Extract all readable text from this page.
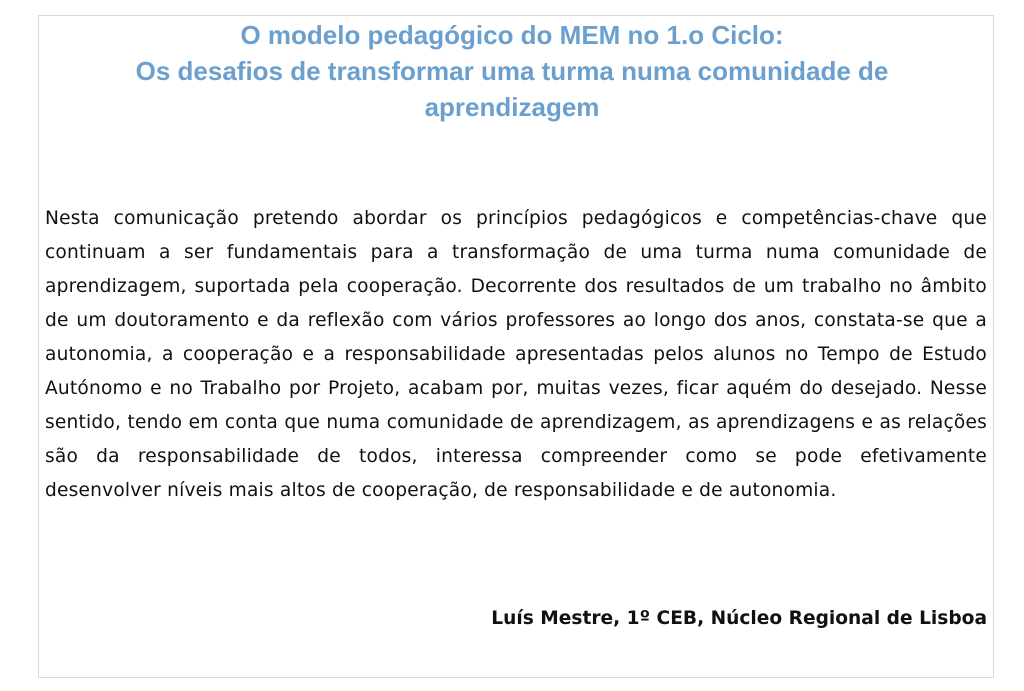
O modelo pedagógico do MEM no 1.o Ciclo:
Os desafios de transformar uma turma numa comunidade de
aprendizagem

Nesta comunicação pretendo abordar os princípios pedagógicos e competências-chave que continuam a ser fundamentais para a transformação de uma turma numa comunidade de aprendizagem, suportada pela cooperação. Decorrente dos resultados de um trabalho no âmbito de um doutoramento e da reflexão com vários professores ao longo dos anos, constata-se que a autonomia, a cooperação e a responsabilidade apresentadas pelos alunos no Tempo de Estudo Autónomo e no Trabalho por Projeto, acabam por, muitas vezes, ficar aquém do desejado. Nesse sentido, tendo em conta que numa comunidade de aprendizagem, as aprendizagens e as relações são da responsabilidade de todos, interessa compreender como se pode efetivamente desenvolver níveis mais altos de cooperação, de responsabilidade e de autonomia.

Luís Mestre, 1º CEB, Núcleo Regional de Lisboa
